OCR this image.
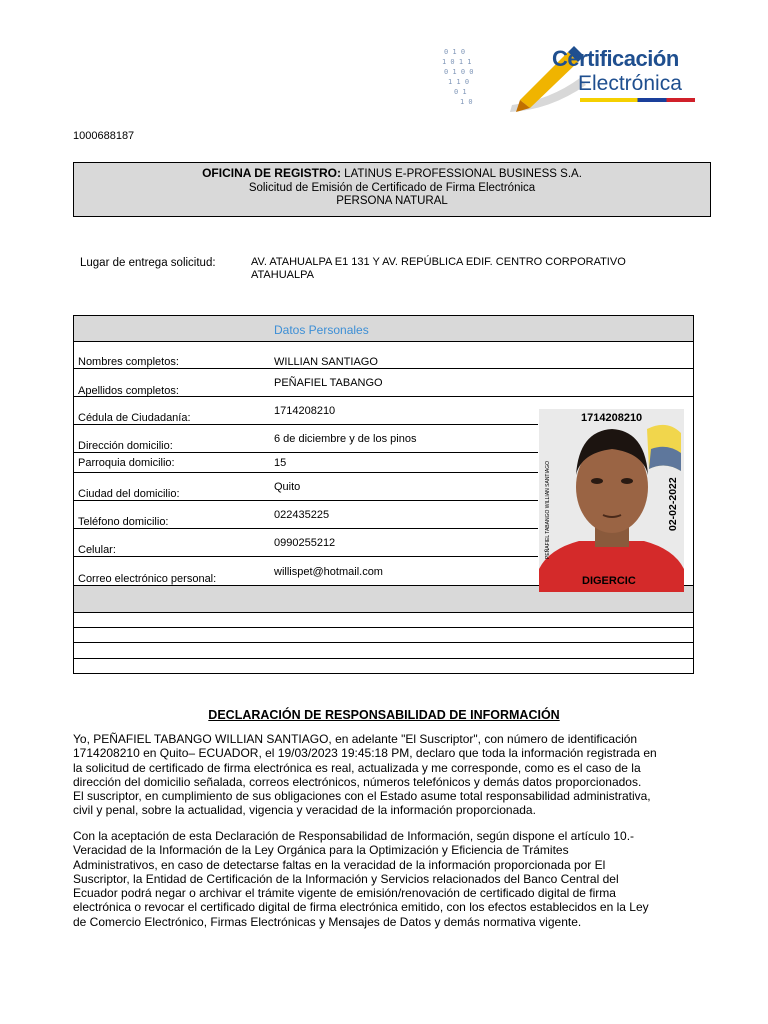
0 1 0
1 0 1 1
0 1 0 0
1 1 0
0 1
1 0
Certificación
Electrónica
1000688187
OFICINA DE REGISTRO: LATINUS E-PROFESSIONAL BUSINESS S.A.
Solicitud de Emisión de Certificado de Firma Electrónica
PERSONA NATURAL
Lugar de entrega solicitud:	AV. ATAHUALPA E1 131 Y AV. REPÚBLICA EDIF. CENTRO CORPORATIVO
ATAHUALPA
Datos Personales
Nombres completos:	WILLIAN SANTIAGO
Apellidos completos:
PEÑAFIEL TABANGO
Cédula de Ciudadanía:
1714208210
Dirección domicilio:
6 de diciembre y de los pinos
Parroquia domicilio:	15
Ciudad del domicilio:
Quito
Teléfono domicilio:
022435225
Celular:
0990255212
Correo electrónico personal:
willispet@hotmail.com
1714208210
02-02-2022
PEÑAFIEL TABANGO WILLIAN SANTIAGO
DIGERCIC
DECLARACIÓN DE RESPONSABILIDAD DE INFORMACIÓN
Yo, PEÑAFIEL TABANGO WILLIAN SANTIAGO, en adelante "El Suscriptor", con número de identificación
1714208210 en Quito– ECUADOR, el 19/03/2023 19:45:18 PM, declaro que toda la información registrada en
la solicitud de certificado de firma electrónica es real, actualizada y me corresponde, como es el caso de la
dirección del domicilio señalada, correos electrónicos, números telefónicos y demás datos proporcionados.
El suscriptor, en cumplimiento de sus obligaciones con el Estado asume total responsabilidad administrativa,
civil y penal, sobre la actualidad, vigencia y veracidad de la información proporcionada.
Con la aceptación de esta Declaración de Responsabilidad de Información, según dispone el artículo 10.-
Veracidad de la Información de la Ley Orgánica para la Optimización y Eficiencia de Trámites
Administrativos, en caso de detectarse faltas en la veracidad de la información proporcionada por El
Suscriptor, la Entidad de Certificación de la Información y Servicios relacionados del Banco Central del
Ecuador podrá negar o archivar el trámite vigente de emisión/renovación de certificado digital de firma
electrónica o revocar el certificado digital de firma electrónica emitido, con los efectos establecidos en la Ley
de Comercio Electrónico, Firmas Electrónicas y Mensajes de Datos y demás normativa vigente.
